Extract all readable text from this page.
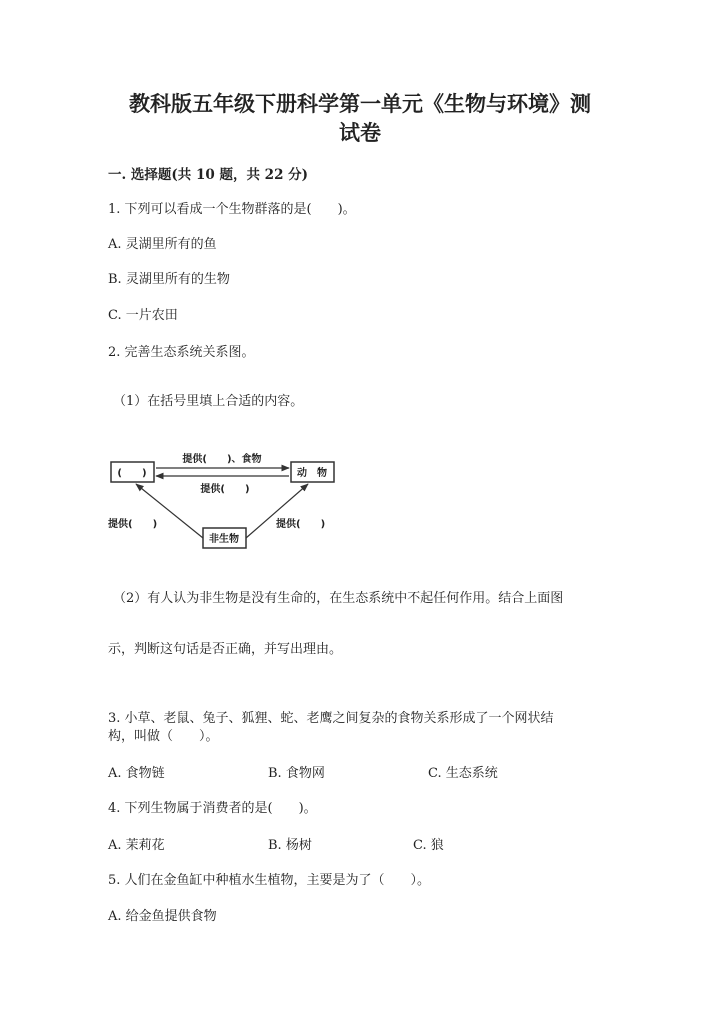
教科版五年级下册科学第一单元《生物与环境》测
试卷
一. 选择题(共 10 题，共 22 分)
1. 下列可以看成一个生物群落的是(　　)。
A. 灵湖里所有的鱼
B. 灵湖里所有的生物
C. 一片农田
2. 完善生态系统关系图。
（1）在括号里填上合适的内容。
(　　)	动　物
非生物
提供(　　)、食物
提供(　　)
提供(　　)	提供(　　)
（2）有人认为非生物是没有生命的，在生态系统中不起任何作用。结合上面图
示，判断这句话是否正确，并写出理由。
3. 小草、老鼠、兔子、狐狸、蛇、老鹰之间复杂的食物关系形成了一个网状结
构，叫做（　　）。
A. 食物链	B. 食物网	C. 生态系统
4. 下列生物属于消费者的是(　　)。
A. 茉莉花	B. 杨树	C. 狼
5. 人们在金鱼缸中种植水生植物，主要是为了（　　）。
A. 给金鱼提供食物
